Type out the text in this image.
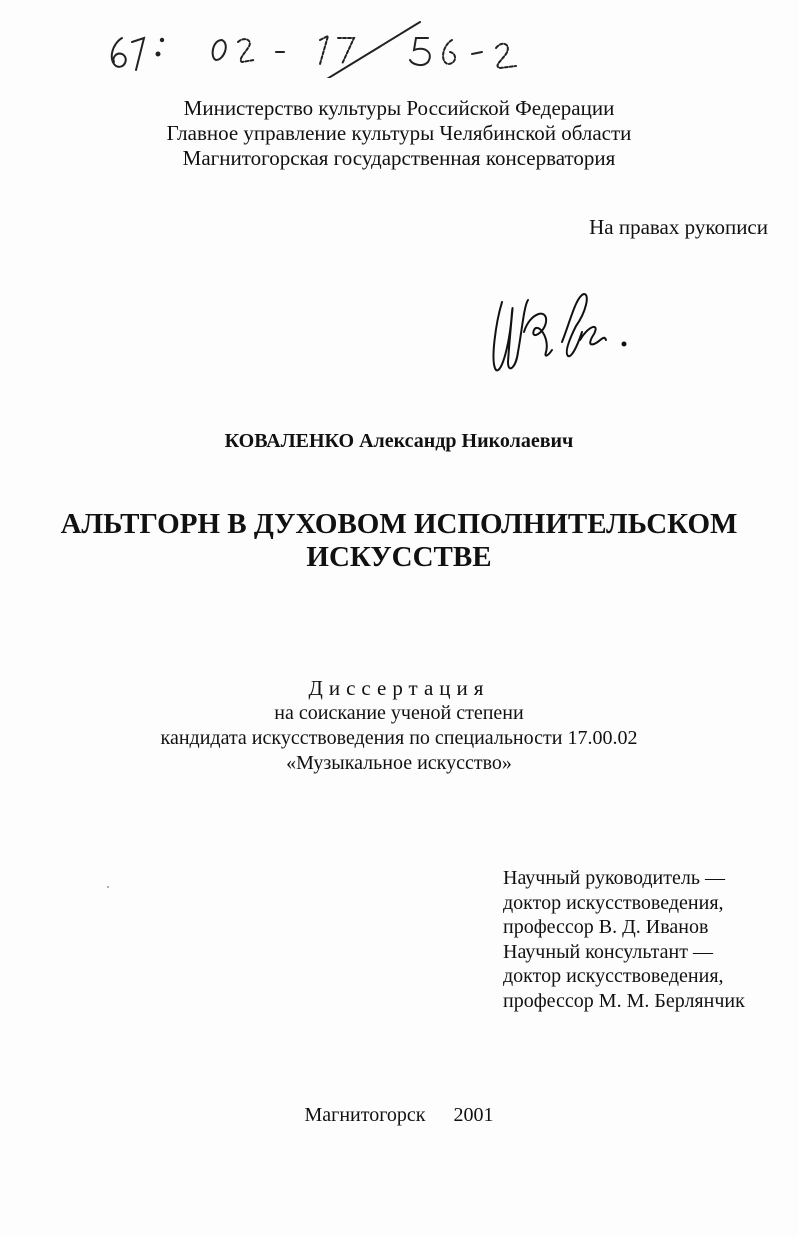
Министерство культуры Российской Федерации
Главное управление культуры Челябинской области
Магнитогорская государственная консерватория
На правах рукописи
КОВАЛЕНКО Александр Николаевич
АЛЬТГОРН В ДУХОВОМ ИСПОЛНИТЕЛЬСКОМ
ИСКУССТВЕ
Диссертация
на соискание ученой степени
кандидата искусствоведения по специальности 17.00.02
«Музыкальное искусство»
Научный руководитель —
доктор искусствоведения,
профессор В. Д. Иванов
Научный консультант —
доктор искусствоведения,
профессор М. М. Берлянчик
Магнитогорск 2001
